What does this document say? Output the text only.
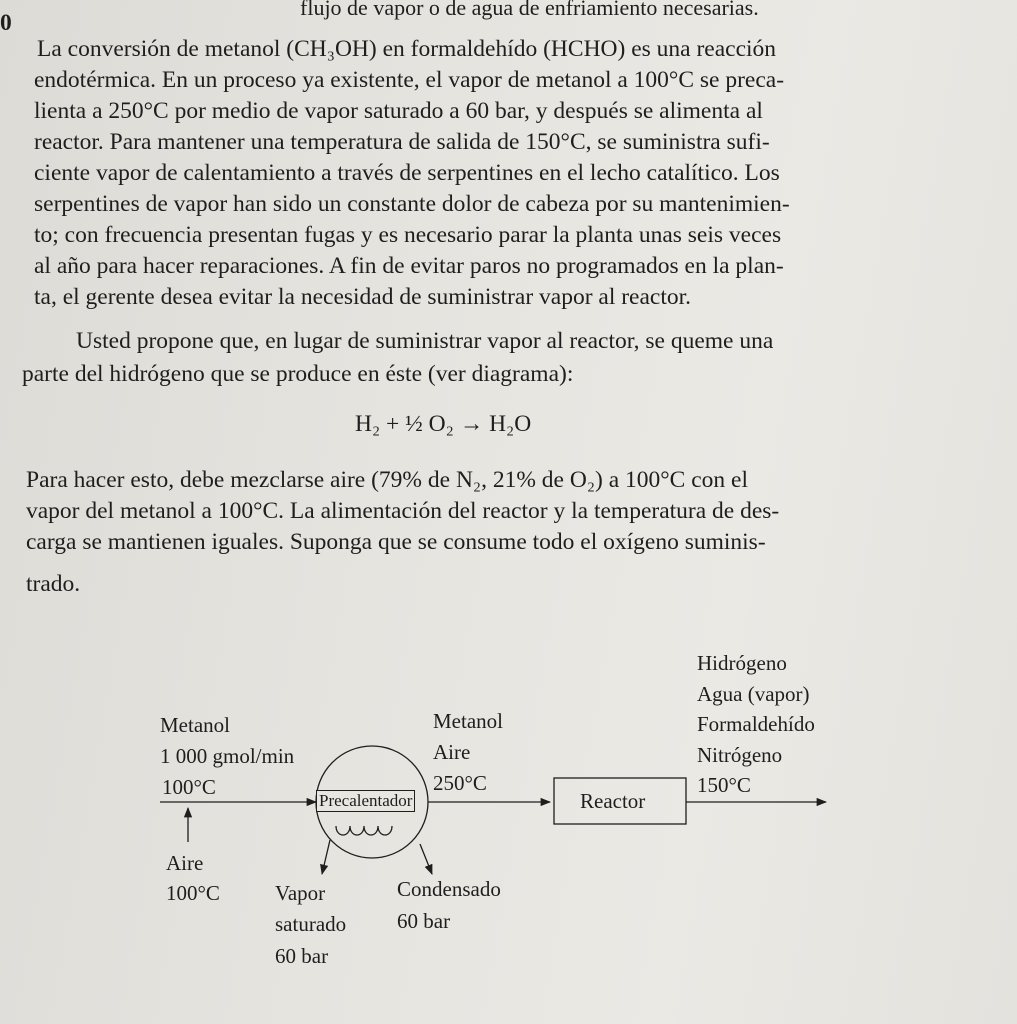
flujo de vapor o de agua de enfriamiento necesarias.
0
La conversión de metanol (CH₃OH) en formaldehído (HCHO) es una reacción
endotérmica. En un proceso ya existente, el vapor de metanol a 100°C se preca-
lienta a 250°C por medio de vapor saturado a 60 bar, y después se alimenta al
reactor. Para mantener una temperatura de salida de 150°C, se suministra sufi-
ciente vapor de calentamiento a través de serpentines en el lecho catalítico. Los
serpentines de vapor han sido un constante dolor de cabeza por su mantenimien-
to; con frecuencia presentan fugas y es necesario parar la planta unas seis veces
al año para hacer reparaciones. A fin de evitar paros no programados en la plan-
ta, el gerente desea evitar la necesidad de suministrar vapor al reactor.
Usted propone que, en lugar de suministrar vapor al reactor, se queme una
parte del hidrógeno que se produce en éste (ver diagrama):
H₂ + ½ O₂ → H₂O
Para hacer esto, debe mezclarse aire (79% de N₂, 21% de O₂) a 100°C con el
vapor del metanol a 100°C. La alimentación del reactor y la temperatura de des-
carga se mantienen iguales. Suponga que se consume todo el oxígeno suminis-
trado.
Metanol
1 000 gmol/min
100°C
Aire
100°C
Precalentador
Metanol
Aire
250°C
Reactor
Hidrógeno
Agua (vapor)
Formaldehído
Nitrógeno
150°C
Vapor
saturado
60 bar
Condensado
60 bar
